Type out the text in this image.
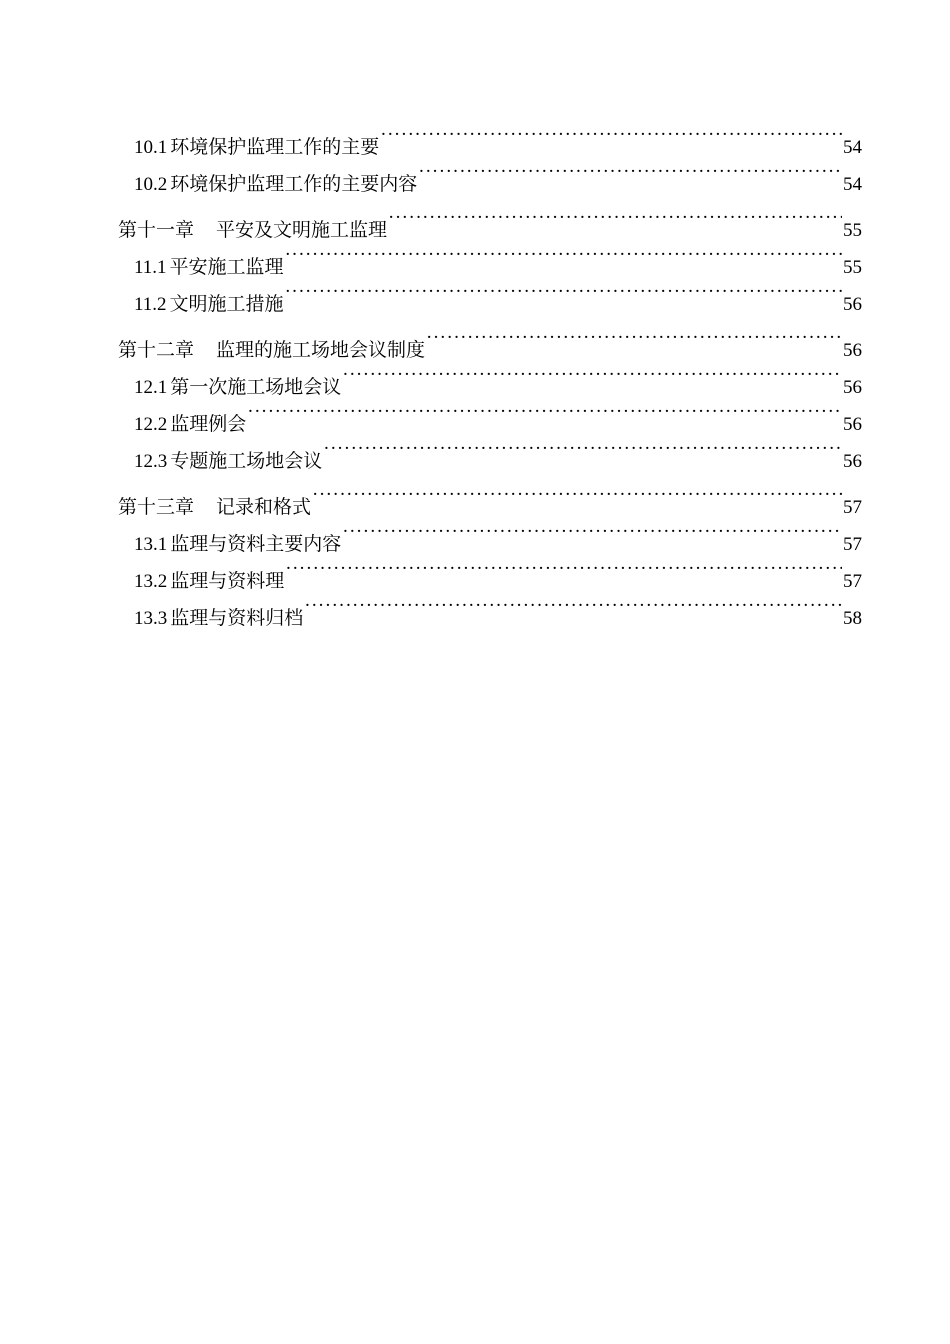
10.1 环境保护监理工作的主要 ·····	54
10.2 环境保护监理工作的主要内容 ·····	54
第十一章 平安及文明施工监理 ·····	55
11.1 平安施工监理 ·····	55
11.2 文明施工措施 ·····	56
第十二章 监理的施工场地会议制度 ·····	56
12.1 第一次施工场地会议 ·····	56
12.2 监理例会 ·····	56
12.3 专题施工场地会议 ·····	56
第十三章 记录和格式 ·····	57
13.1 监理与资料主要内容 ·····	57
13.2 监理与资料理 ·····	57
13.3 监理与资料归档 ·····	58
